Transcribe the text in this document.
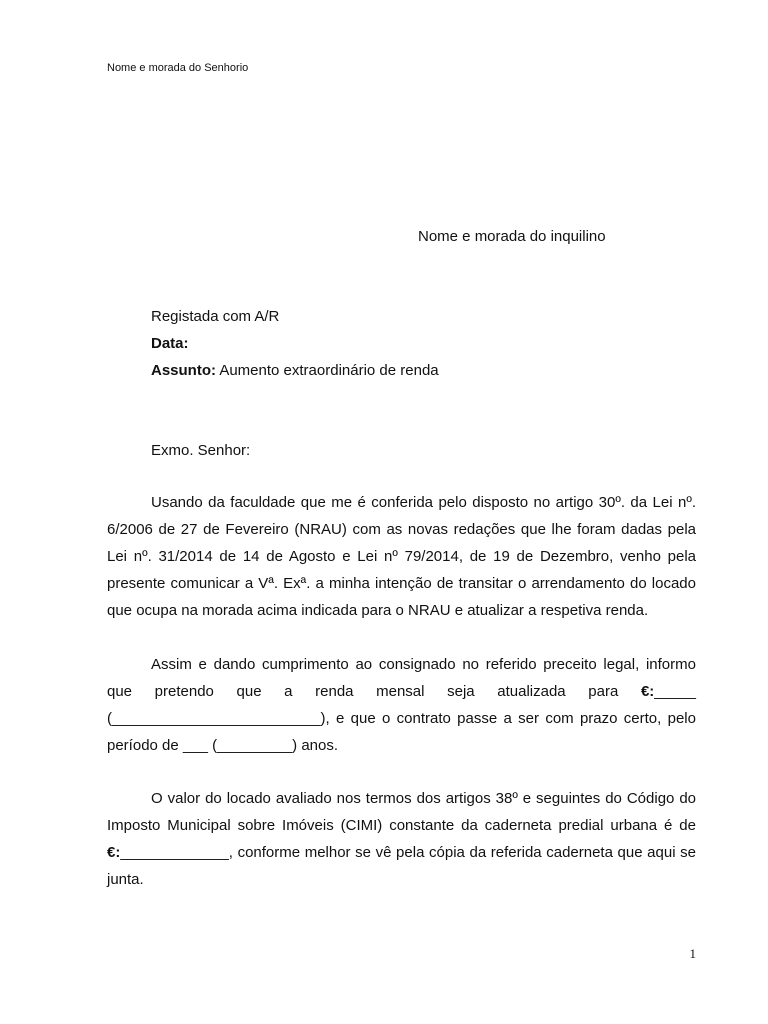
Nome e morada do Senhorio
Nome e morada do inquilino
Registada com A/R
Data:
Assunto: Aumento extraordinário de renda
Exmo. Senhor:

Usando da faculdade que me é conferida pelo disposto no artigo 30º. da Lei nº. 6/2006 de 27 de Fevereiro (NRAU) com as novas redações que lhe foram dadas pela Lei nº. 31/2014 de 14 de Agosto e Lei nº 79/2014, de 19 de Dezembro, venho pela presente comunicar a Vª. Exª. a minha intenção de transitar o arrendamento do locado que ocupa na morada acima indicada para o NRAU e atualizar a respetiva renda.

Assim e dando cumprimento ao consignado no referido preceito legal, informo que pretendo que a renda mensal seja atualizada para €:_____ (_________________________), e que o contrato passe a ser com prazo certo, pelo período de ___ (_________) anos.

O valor do locado avaliado nos termos dos artigos 38º e seguintes do Código do Imposto Municipal sobre Imóveis (CIMI) constante da caderneta predial urbana é de €:_____________, conforme melhor se vê pela cópia da referida caderneta que aqui se junta.

1
